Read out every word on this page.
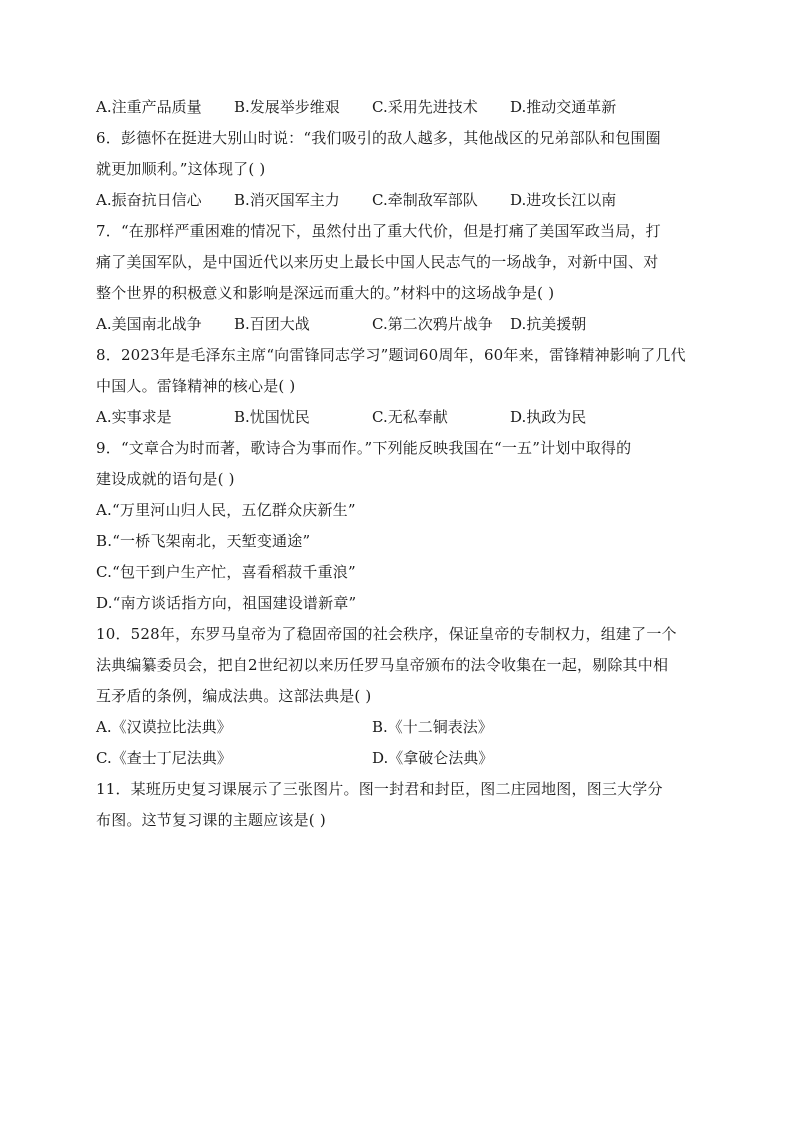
A.注重产品质量	B.发展举步维艰	C.采用先进技术	D.推动交通革新
6．彭德怀在挺进大别山时说：“我们吸引的敌人越多，其他战区的兄弟部队和包围圈
就更加顺利。”这体现了( )
A.振奋抗日信心	B.消灭国军主力	C.牵制敌军部队	D.进攻长江以南
7．“在那样严重困难的情况下，虽然付出了重大代价，但是打痛了美国军政当局，打
痛了美国军队，是中国近代以来历史上最长中国人民志气的一场战争，对新中国、对
整个世界的积极意义和影响是深远而重大的。”材料中的这场战争是( )
A.美国南北战争	B.百团大战	C.第二次鸦片战争	D.抗美援朝
8．2023年是毛泽东主席“向雷锋同志学习”题词60周年，60年来，雷锋精神影响了几代
中国人。雷锋精神的核心是( )
A.实事求是	B.忧国忧民	C.无私奉献	D.执政为民
9．“文章合为时而著，歌诗合为事而作。”下列能反映我国在“一五”计划中取得的
建设成就的语句是( )
A.“万里河山归人民，五亿群众庆新生”
B.“一桥飞架南北，天堑变通途”
C.“包干到户生产忙，喜看稻菽千重浪”
D.“南方谈话指方向，祖国建设谱新章”
10．528年，东罗马皇帝为了稳固帝国的社会秩序，保证皇帝的专制权力，组建了一个
法典编纂委员会，把自2世纪初以来历任罗马皇帝颁布的法令收集在一起，剔除其中相
互矛盾的条例，编成法典。这部法典是( )
A.《汉谟拉比法典》	B.《十二铜表法》
C.《查士丁尼法典》	D.《拿破仑法典》
11．某班历史复习课展示了三张图片。图一封君和封臣，图二庄园地图，图三大学分
布图。这节复习课的主题应该是( )
